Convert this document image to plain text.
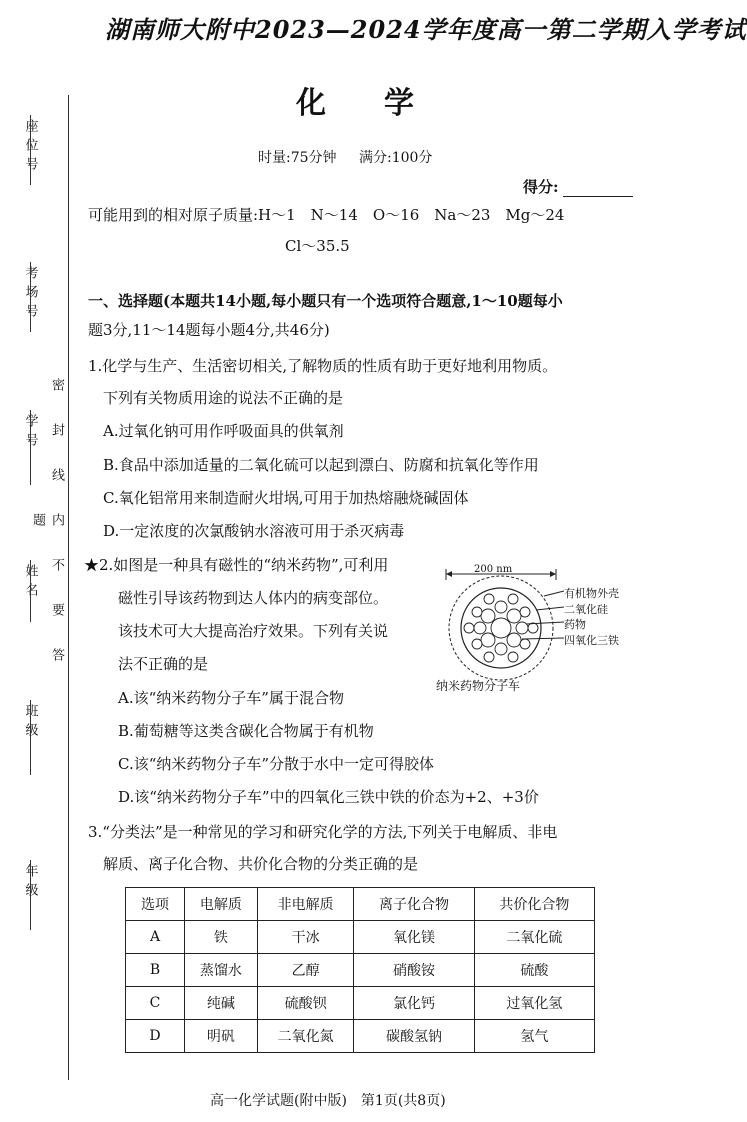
座位号
考场号
学号
姓名
班级
年级
密封线内不要答题
湖南师大附中2023—2024学年度高一第二学期入学考试
化学
时量:75分钟 满分:100分
得分:
可能用到的相对原子质量:H～1　N～14　O～16　Na～23　Mg～24
Cl～35.5
一、选择题(本题共14小题,每小题只有一个选项符合题意,1～10题每小
题3分,11～14题每小题4分,共46分)
1.化学与生产、生活密切相关,了解物质的性质有助于更好地利用物质。
下列有关物质用途的说法不正确的是
A.过氧化钠可用作呼吸面具的供氧剂
B.食品中添加适量的二氧化硫可以起到漂白、防腐和抗氧化等作用
C.氧化铝常用来制造耐火坩埚,可用于加热熔融烧碱固体
D.一定浓度的次氯酸钠水溶液可用于杀灭病毒
★2.如图是一种具有磁性的“纳米药物”,可利用
磁性引导该药物到达人体内的病变部位。
该技术可大大提高治疗效果。下列有关说
法不正确的是
A.该“纳米药物分子车”属于混合物
B.葡萄糖等这类含碳化合物属于有机物
C.该“纳米药物分子车”分散于水中一定可得胶体
D.该“纳米药物分子车”中的四氧化三铁中铁的价态为+2、+3价
200 nm
有机物外壳
二氧化硅
药物
四氧化三铁
纳米药物分子车
3.“分类法”是一种常见的学习和研究化学的方法,下列关于电解质、非电
解质、离子化合物、共价化合物的分类正确的是
选项	电解质	非电解质	离子化合物	共价化合物
A	铁	干冰	氧化镁	二氧化硫
B	蒸馏水	乙醇	硝酸铵	硫酸
C	纯碱	硫酸钡	氯化钙	过氧化氢
D	明矾	二氧化氮	碳酸氢钠	氢气
高一化学试题(附中版)　第1页(共8页)
